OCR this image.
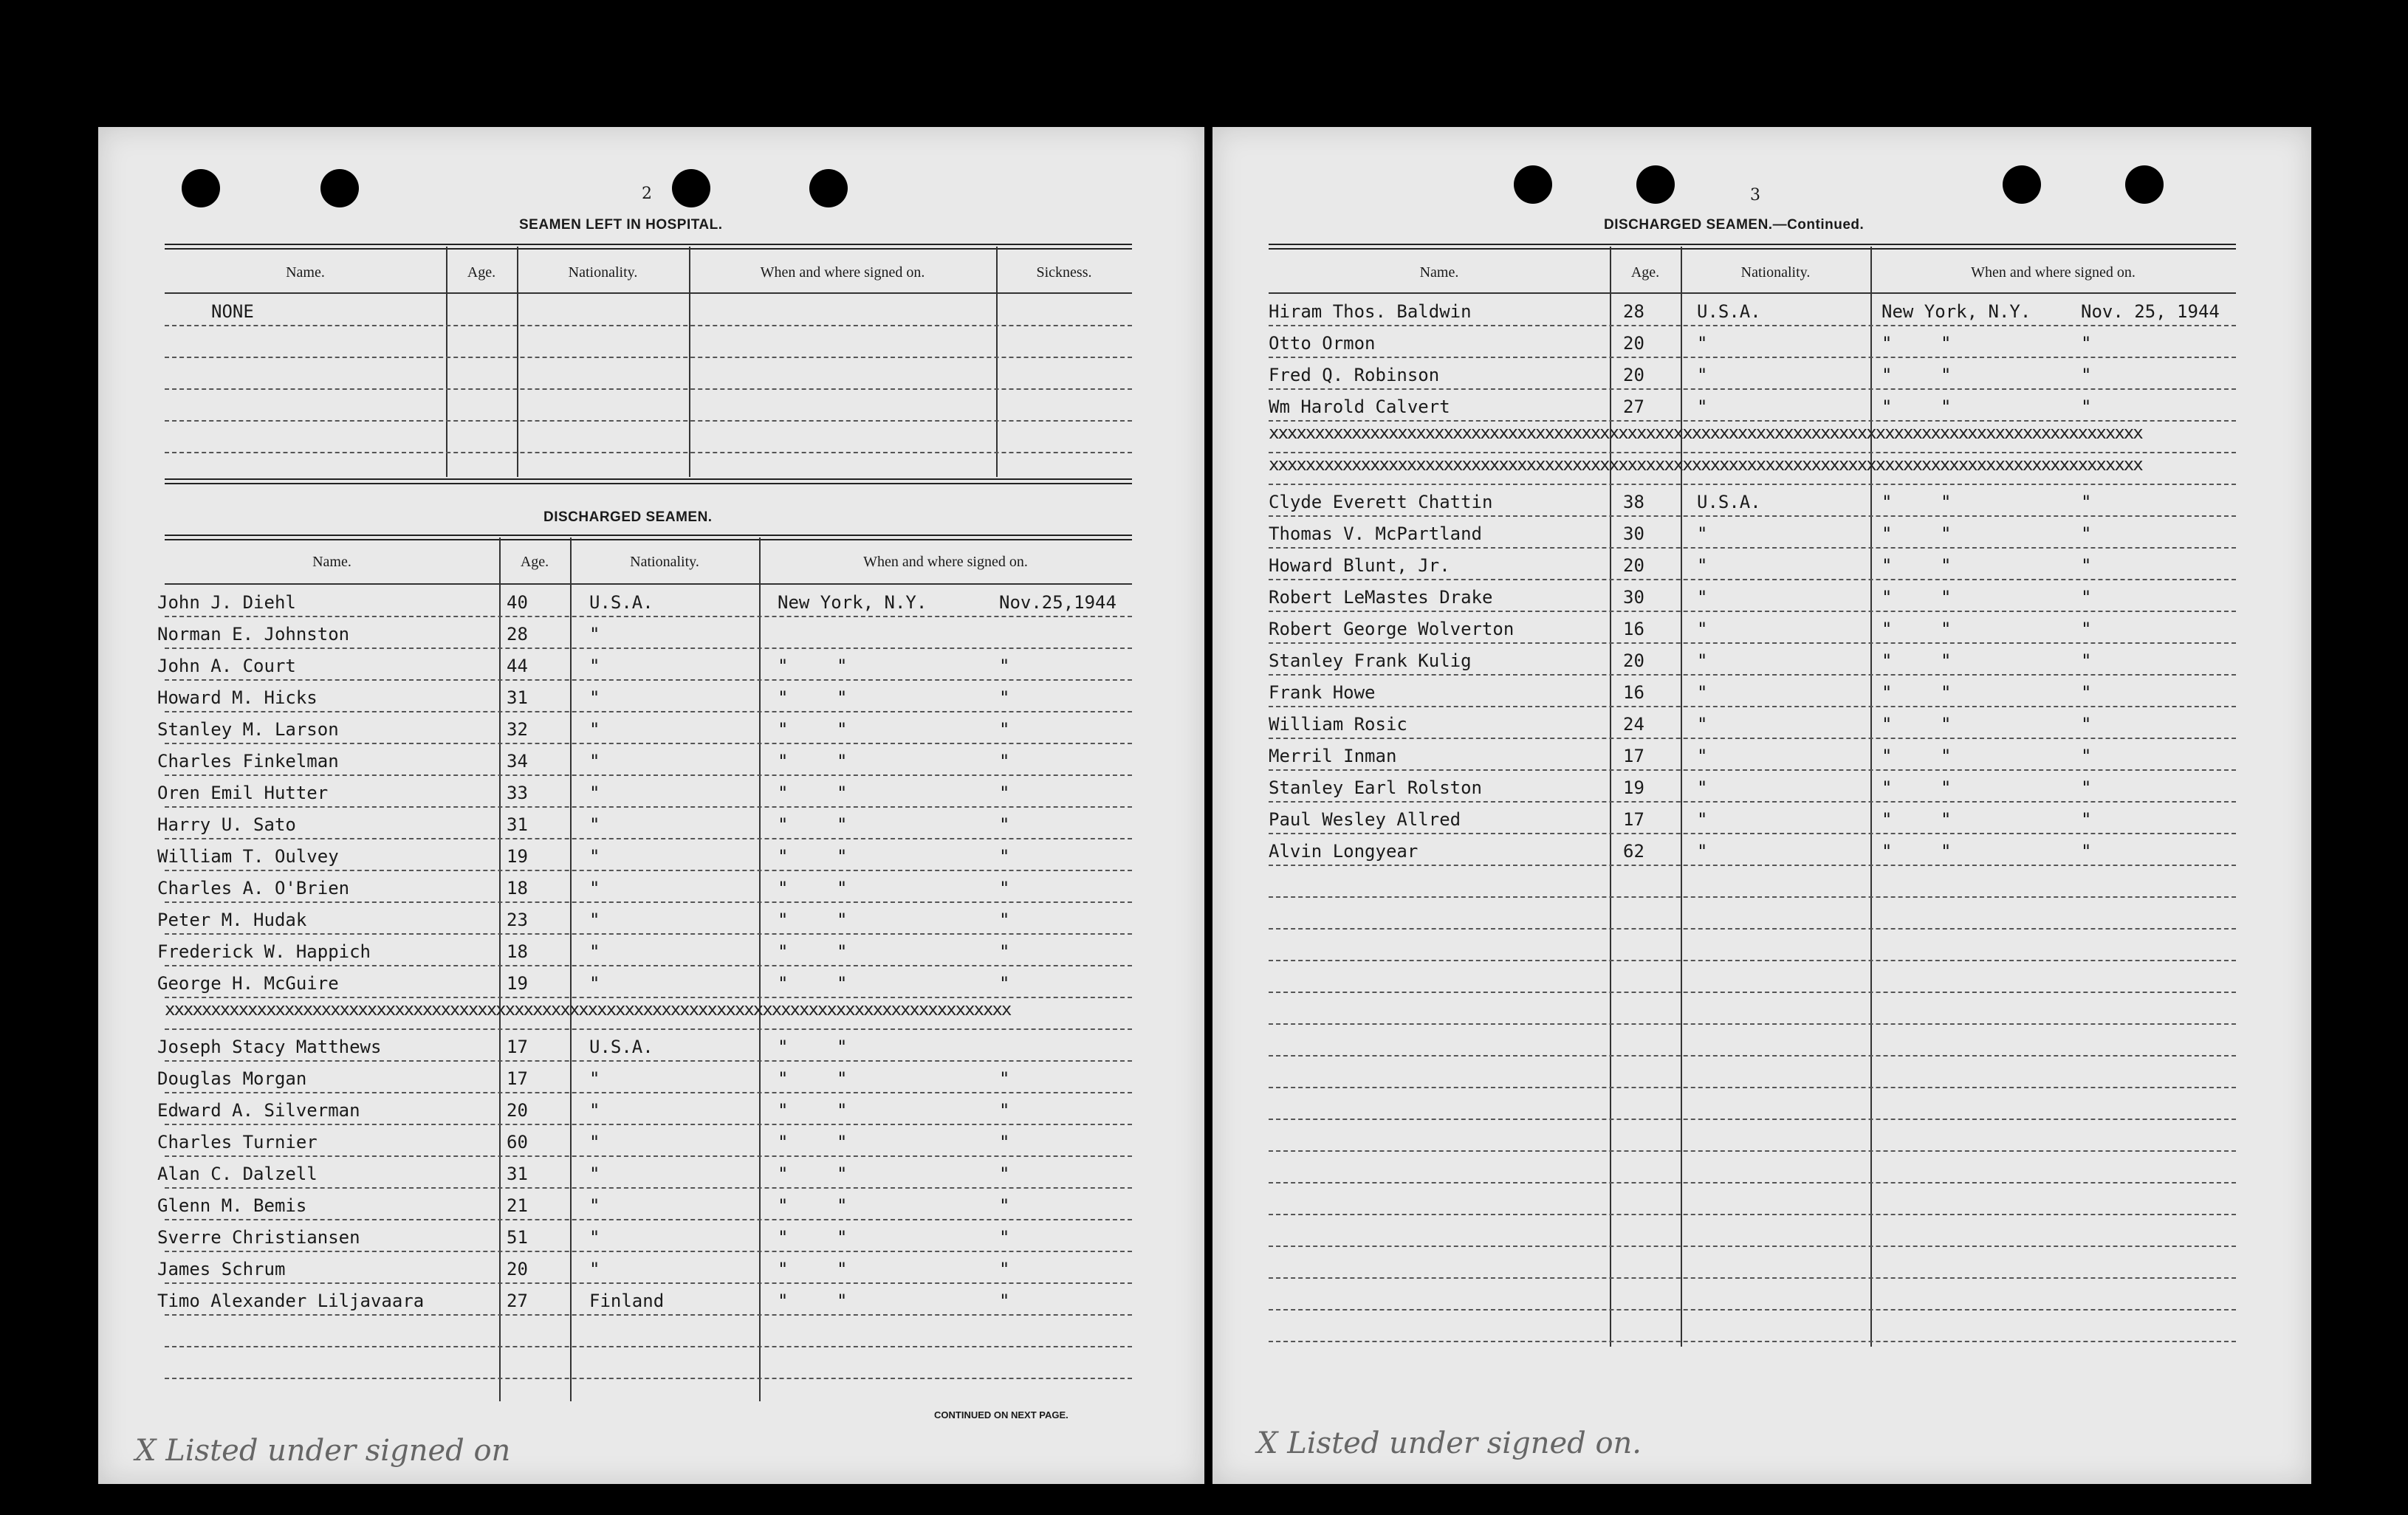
2
SEAMEN LEFT IN HOSPITAL.
Name.	Age.	Nationality.	When and where signed on.	Sickness.
NONE
DISCHARGED SEAMEN.
Name.	Age.	Nationality.	When and where signed on.
John J. Diehl	40	U.S.A.	New York, N.Y.	Nov.25,1944
Norman E. Johnston	28	"
John A. Court	44	"	"	"	"
Howard M. Hicks	31	"	"	"	"
Stanley M. Larson	32	"	"	"	"
Charles Finkelman	34	"	"	"	"
Oren Emil Hutter	33	"	"	"	"
Harry U. Sato	31	"	"	"	"
William T. Oulvey	19	"	"	"	"
Charles A. O'Brien	18	"	"	"	"
Peter M. Hudak	23	"	"	"	"
Frederick W. Happich	18	"	"	"	"
George H. McGuire	19	"	"	"	"
xxxxxxxxxxxxxxxxxxxxxxxxxxxxxxxxxxxxxxxxxxxxxxxxxxxxxxxxxxxxxxxxxxxxxxxxxxxxxxxxxxxxxxxxxxxx
Joseph Stacy Matthews	17	U.S.A.	"	"
Douglas Morgan	17	"	"	"	"
Edward A. Silverman	20	"	"	"	"
Charles Turnier	60	"	"	"	"
Alan C. Dalzell	31	"	"	"	"
Glenn M. Bemis	21	"	"	"	"
Sverre Christiansen	51	"	"	"	"
James Schrum	20	"	"	"	"
Timo Alexander Liljavaara	27	Finland	"	"	"
CONTINUED ON NEXT PAGE.
X Listed under signed on
3
DISCHARGED SEAMEN.—Continued.
Name.	Age.	Nationality.	When and where signed on.
Hiram Thos. Baldwin	28	U.S.A.	New York, N.Y.	Nov. 25, 1944
Otto Ormon	20	"	"	"	"
Fred Q. Robinson	20	"	"	"	"
Wm Harold Calvert	27	"	"	"	"
xxxxxxxxxxxxxxxxxxxxxxxxxxxxxxxxxxxxxxxxxxxxxxxxxxxxxxxxxxxxxxxxxxxxxxxxxxxxxxxxxxxxxxxxxxxxxxx
xxxxxxxxxxxxxxxxxxxxxxxxxxxxxxxxxxxxxxxxxxxxxxxxxxxxxxxxxxxxxxxxxxxxxxxxxxxxxxxxxxxxxxxxxxxxxxx
Clyde Everett Chattin	38	U.S.A.	"	"	"
Thomas V. McPartland	30	"	"	"	"
Howard Blunt, Jr.	20	"	"	"	"
Robert LeMastes Drake	30	"	"	"	"
Robert George Wolverton	16	"	"	"	"
Stanley Frank Kulig	20	"	"	"	"
Frank Howe	16	"	"	"	"
William Rosic	24	"	"	"	"
Merril Inman	17	"	"	"	"
Stanley Earl Rolston	19	"	"	"	"
Paul Wesley Allred	17	"	"	"	"
Alvin Longyear	62	"	"	"	"
X Listed under signed on.
